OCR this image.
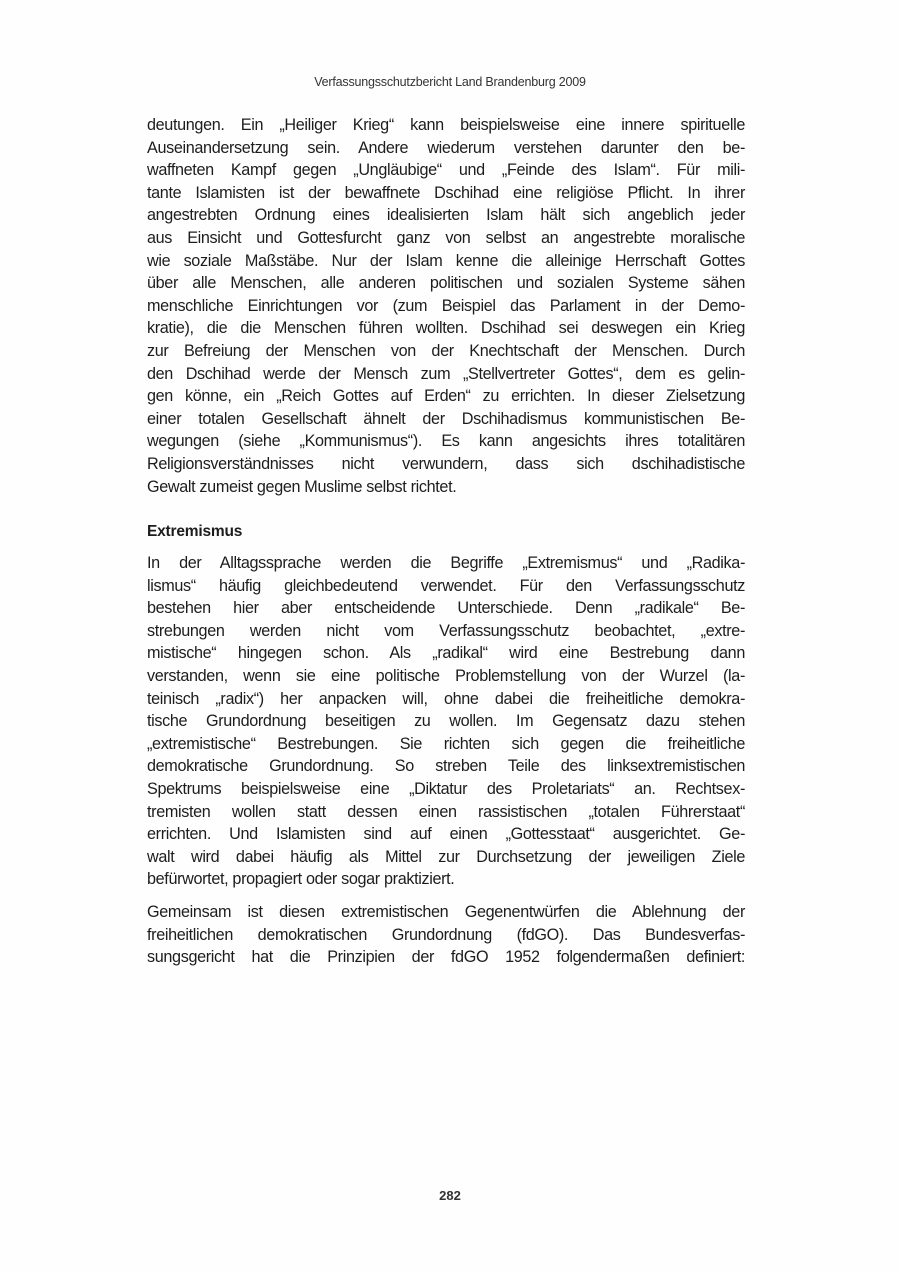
Verfassungsschutzbericht Land Brandenburg 2009

deutungen. Ein „Heiliger Krieg“ kann beispielsweise eine innere spirituelle
Auseinandersetzung sein. Andere wiederum verstehen darunter den be-
waffneten Kampf gegen „Ungläubige“ und „Feinde des Islam“. Für mili-
tante Islamisten ist der bewaffnete Dschihad eine religiöse Pflicht. In ihrer
angestrebten Ordnung eines idealisierten Islam hält sich angeblich jeder
aus Einsicht und Gottesfurcht ganz von selbst an angestrebte moralische
wie soziale Maßstäbe. Nur der Islam kenne die alleinige Herrschaft Gottes
über alle Menschen, alle anderen politischen und sozialen Systeme sähen
menschliche Einrichtungen vor (zum Beispiel das Parlament in der Demo-
kratie), die die Menschen führen wollten. Dschihad sei deswegen ein Krieg
zur Befreiung der Menschen von der Knechtschaft der Menschen. Durch
den Dschihad werde der Mensch zum „Stellvertreter Gottes“, dem es gelin-
gen könne, ein „Reich Gottes auf Erden“ zu errichten. In dieser Zielsetzung
einer totalen Gesellschaft ähnelt der Dschihadismus kommunistischen Be-
wegungen (siehe „Kommunismus“). Es kann angesichts ihres totalitären
Religionsverständnisses nicht verwundern, dass sich dschihadistische
Gewalt zumeist gegen Muslime selbst richtet.

Extremismus

In der Alltagssprache werden die Begriffe „Extremismus“ und „Radika-
lismus“ häufig gleichbedeutend verwendet. Für den Verfassungsschutz
bestehen hier aber entscheidende Unterschiede. Denn „radikale“ Be-
strebungen werden nicht vom Verfassungsschutz beobachtet, „extre-
mistische“ hingegen schon. Als „radikal“ wird eine Bestrebung dann
verstanden, wenn sie eine politische Problemstellung von der Wurzel (la-
teinisch „radix“) her anpacken will, ohne dabei die freiheitliche demokra-
tische Grundordnung beseitigen zu wollen. Im Gegensatz dazu stehen
„extremistische“ Bestrebungen. Sie richten sich gegen die freiheitliche
demokratische Grundordnung. So streben Teile des linksextremistischen
Spektrums beispielsweise eine „Diktatur des Proletariats“ an. Rechtsex-
tremisten wollen statt dessen einen rassistischen „totalen Führerstaat“
errichten. Und Islamisten sind auf einen „Gottesstaat“ ausgerichtet. Ge-
walt wird dabei häufig als Mittel zur Durchsetzung der jeweiligen Ziele
befürwortet, propagiert oder sogar praktiziert.

Gemeinsam ist diesen extremistischen Gegenentwürfen die Ablehnung der
freiheitlichen demokratischen Grundordnung (fdGO). Das Bundesverfas-
sungsgericht hat die Prinzipien der fdGO 1952 folgendermaßen definiert:

282
